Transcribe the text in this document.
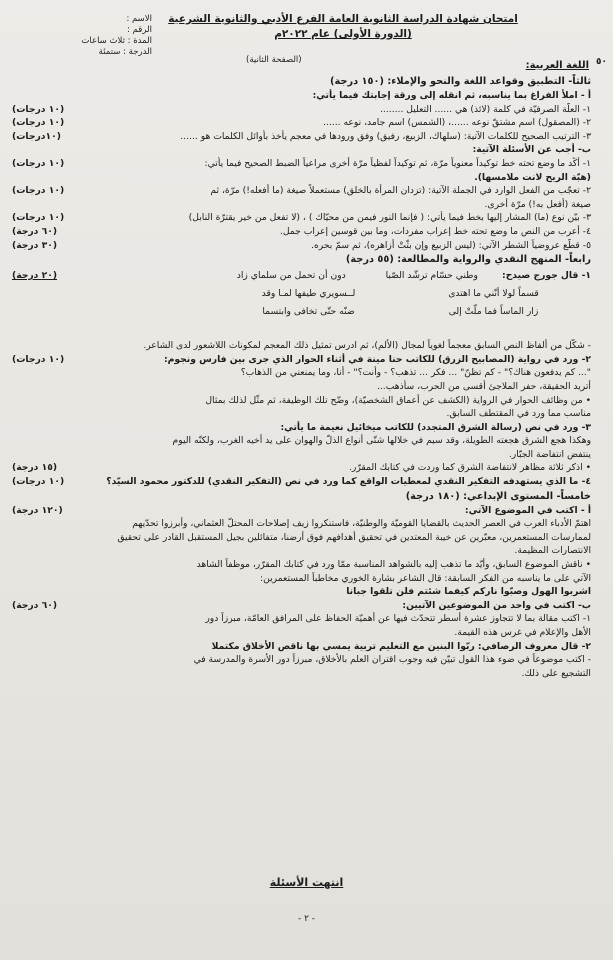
الاسم :
الرقم :
المدة : ثلاث ساعات
الدرجة : ستمئة
امتحان شهادة الدراسة الثانوية العامة الفرع الأدبي والثانوية الشرعية
(الدورة الأولى) عام ٢٠٢٢م
(الصفحة الثانية)	٥٠
اللغة العربية:
ثالثاً- التطبيق وقواعد اللغة والنحو والإملاء: (١٥٠ درجة)
أ - املأ الفراغ بما يناسبه، ثم انقله إلى ورقة إجابتك فيما يأتي:
١- العلّة الصرفيّة في كلمة (لائذ) هي ...... التعليل ........
(١٠ درجات)
٢- (المصقول) اسم مشتقّ نوعه ......، (الشمس) اسم جامد، نوعه ......
(١٠ درجات)
٣- الترتيب الصحيح للكلمات الآتية: (سلهاك، الزبيع، رفيق) وفق ورودها في معجم يأخذ بأوائل الكلمات هو ......
(١٠درجات)
ب- أجب عن الأسئلة الآتية:
١- أكِّد ما وضع تحته خط توكيداً معنوياً مرّة، ثم توكيداً لفظياً مرّة أخرى مراعياً الضبط الصحيح فيما يأتي:
(١٠ درجات)
(هبّة الريح لانت ملامسها).
٢- تعجّب من الفعل الوارد في الجملة الآتية: (تزدان المرأة بالخلق) مستعملاً صيغة (ما أفعله!) مرّة، ثم
(١٠ درجات)
صيغة (أفعل به!) مرّة أخرى.
٣- بيّن نوع (ما) المشار إليها بخط فيما يأتي: ( فإنما النور فيمن من محيّاك ) ، (لا تفعل من خير يقترّة النابل)
(١٠ درجات)
٤- أعرب من النص ما وضع تحته خط إعراب مفردات، وما بين قوسين إعراب جمل.
(٦٠ درجة)
٥- قطّع عروضياً الشطر الآتي: (ليس الزبيع وإن بثّتْ أزاهره)، ثم سمّ بحره.
(٣٠ درجة)
رابعاً- المنهج النقدي والرواية والمطالعة: (٥٥ درجة)
(٢٠ درجة)	١- قال جورج صيدح:
وطني حسّام ترشّد الصّبا
دون أن تحمل من سلماي زاد
قسماً لولا أنّني ما اهتدى
لــسويري طيفها لمـا وقد
زار الماساً فما ملّتْ إلى
ضنّه حتّى تخافى وابتسما
- شكّل من ألفاظ النص السابق معجماً لغوياً لمجال (الألم)، ثم ادرس تمثيل ذلك المعجم لمكونات اللاشعور لدى الشاعر.
٢- ورد في رواية (المصابيح الزرق) للكاتب حنا مينة في أثناء الحوار الذي جرى بين فارس ونجوم:
(١٠ درجات)
"... كم يدفعون هناك؟" - كم تظنّ" ... فكر ... تذهب؟ - وأنت؟" - أنا، وما يمنعني من الذهاب؟
أتريد الحقيقة، حفر الملاجئ أقسى من الحرب، سأذهب...
• من وظائف الحوار في الرواية (الكشف عن أعماق الشخصيّة)، وضّح تلك الوظيفة، ثم مثّل لذلك بمثال
مناسب مما ورد في المقتطف السابق.
٣- ورد في نص (رسالة الشرق المتجدد) للكاتب ميخائيل نعيمة ما يأتي:
وهكذا هجع الشرق هجعته الطويلة، وقد سيم في خلالها شتّى أنواع الذلّ والهوان على يد أخيه الغرب، ولكنّه اليوم
ينتفض انتفاضة الجبّار.
• اذكر ثلاثة مظاهر لانتفاضة الشرق كما وردت في كتابك المقرّر.
(١٥ درجة)
٤- ما الذي يستهدفه التفكير النقدي لمعطيات الواقع كما ورد في نص (التفكير النقدي) للدكتور محمود السيّد؟
(١٠ درجات)
خامساً- المستوى الإبداعي: (١٨٠ درجة)
أ - اكتب في الموضوع الآتي:
(١٢٠ درجة)
اهتمّ الأدباء العرب في العصر الحديث بالقضايا القوميّة والوطنيّة، فاستنكروا زيف إصلاحات المحتلّ العثماني، وأبرزوا تحدّيهم
لممارسات المستعمرين، معبّرين عن خيبة المعتدين في تحقيق أهدافهم فوق أرضنا، متفائلين بجيل المستقبل القادر على تحقيق
الانتصارات المظيمة.
• ناقش الموضوع السابق، وأيّد ما تذهب إليه بالشواهد المناسبة ممّا ورد في كتابك المقرّر، موظفاً الشاهد
الآتي على ما يناسبه من الفكر السابقة: قال الشاعر بشارة الخوري مخاطباً المستعمرين:
اشربوا الهول وصبّوا ناركم كيفما شئتم فلن تلقوا جبانا
ب- اكتب في واحد من الموضوعين الآتيين:
(٦٠ درجة)
١- اكتب مقالة بما لا تتجاوز عشرة أسطر تتحدّث فيها عن أهميّة الحفاظ على المرافق العامّة، مبرزاً دور
الأهل والإعلام في غرس هذه القيمة.
٢- قال معروف الرصافي: ربّوا البنين مع التعليم تربية يمسي بها ناقص الأخلاق مكتملا
- اكتب موضوعاً في ضوء هذا القول تبيّن فيه وجوب اقتران العلم بالأخلاق، مبرزاً دور الأسرة والمدرسة في
التشجيع على ذلك.
انتهت الأسئلة
- ٢ -
